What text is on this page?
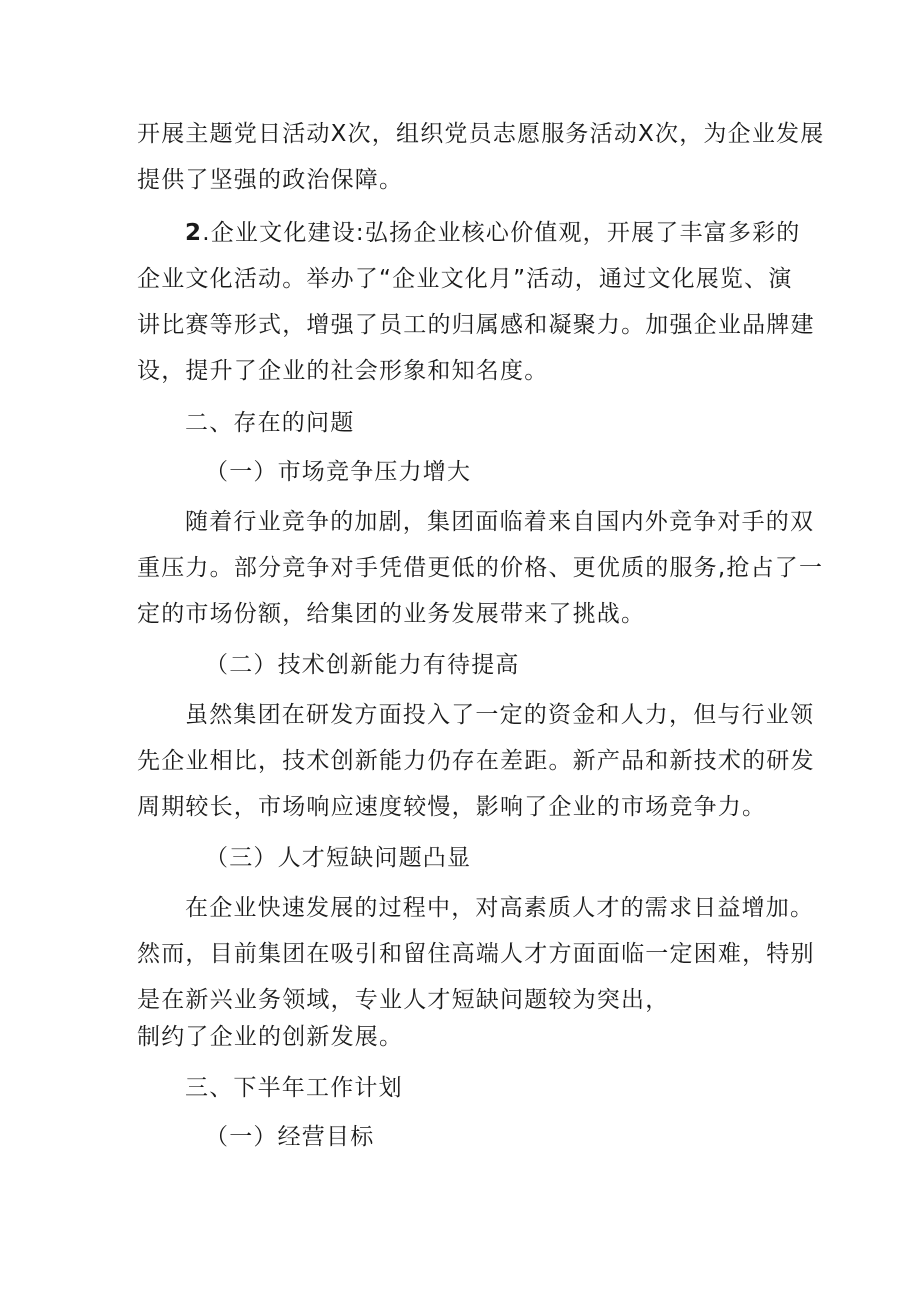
开 展 主 题 党 日 活 动 X 次 ， 组 织 党 员 志 愿 服 务 活 动 X 次 ， 为 企 业 发 展
提供了坚强的政治保障。
2.企业文化建设:弘扬企业核心价值观，开展了丰富多彩的
企 业 文 化 活 动 。 举 办 了 “ 企 业 文 化 月 ” 活 动 ， 通 过 文 化 展 览 、 演
讲 比 赛 等 形 式 ， 增 强 了 员 工 的 归 属 感 和 凝 聚 力 。 加 强 企 业 品 牌 建
设，提升了企业的社会形象和知名度。
二、存在的问题
（一）市场竞争压力增大
随着行业竞争的加剧，集团面临着来自国内外竞争对手的双
重 压 力 。 部 分 竞 争 对 手 凭 借 更 低 的 价 格 、 更 优 质 的 服 务 , 抢 占 了 一
定的市场份额，给集团的业务发展带来了挑战。
（二）技术创新能力有待提高
虽然集团在研发方面投入了一定的资金和人力，但与行业领
先 企 业 相 比 ， 技 术 创 新 能 力 仍 存 在 差 距 。 新 产 品 和 新 技 术 的 研 发
周期较长，市场响应速度较慢，影响了企业的市场竞争力。
（三）人才短缺问题凸显
在企业快速发展的过程中，对高素质人才的需求日益增加。
然 而 ， 目 前 集 团 在 吸 引 和 留 住 高 端 人 才 方 面 面 临 一 定 困 难 ， 特 别
是在新兴业务领域，专业人才短缺问题较为突出，
制约了企业的创新发展。
三、下半年工作计划
（一）经营目标
